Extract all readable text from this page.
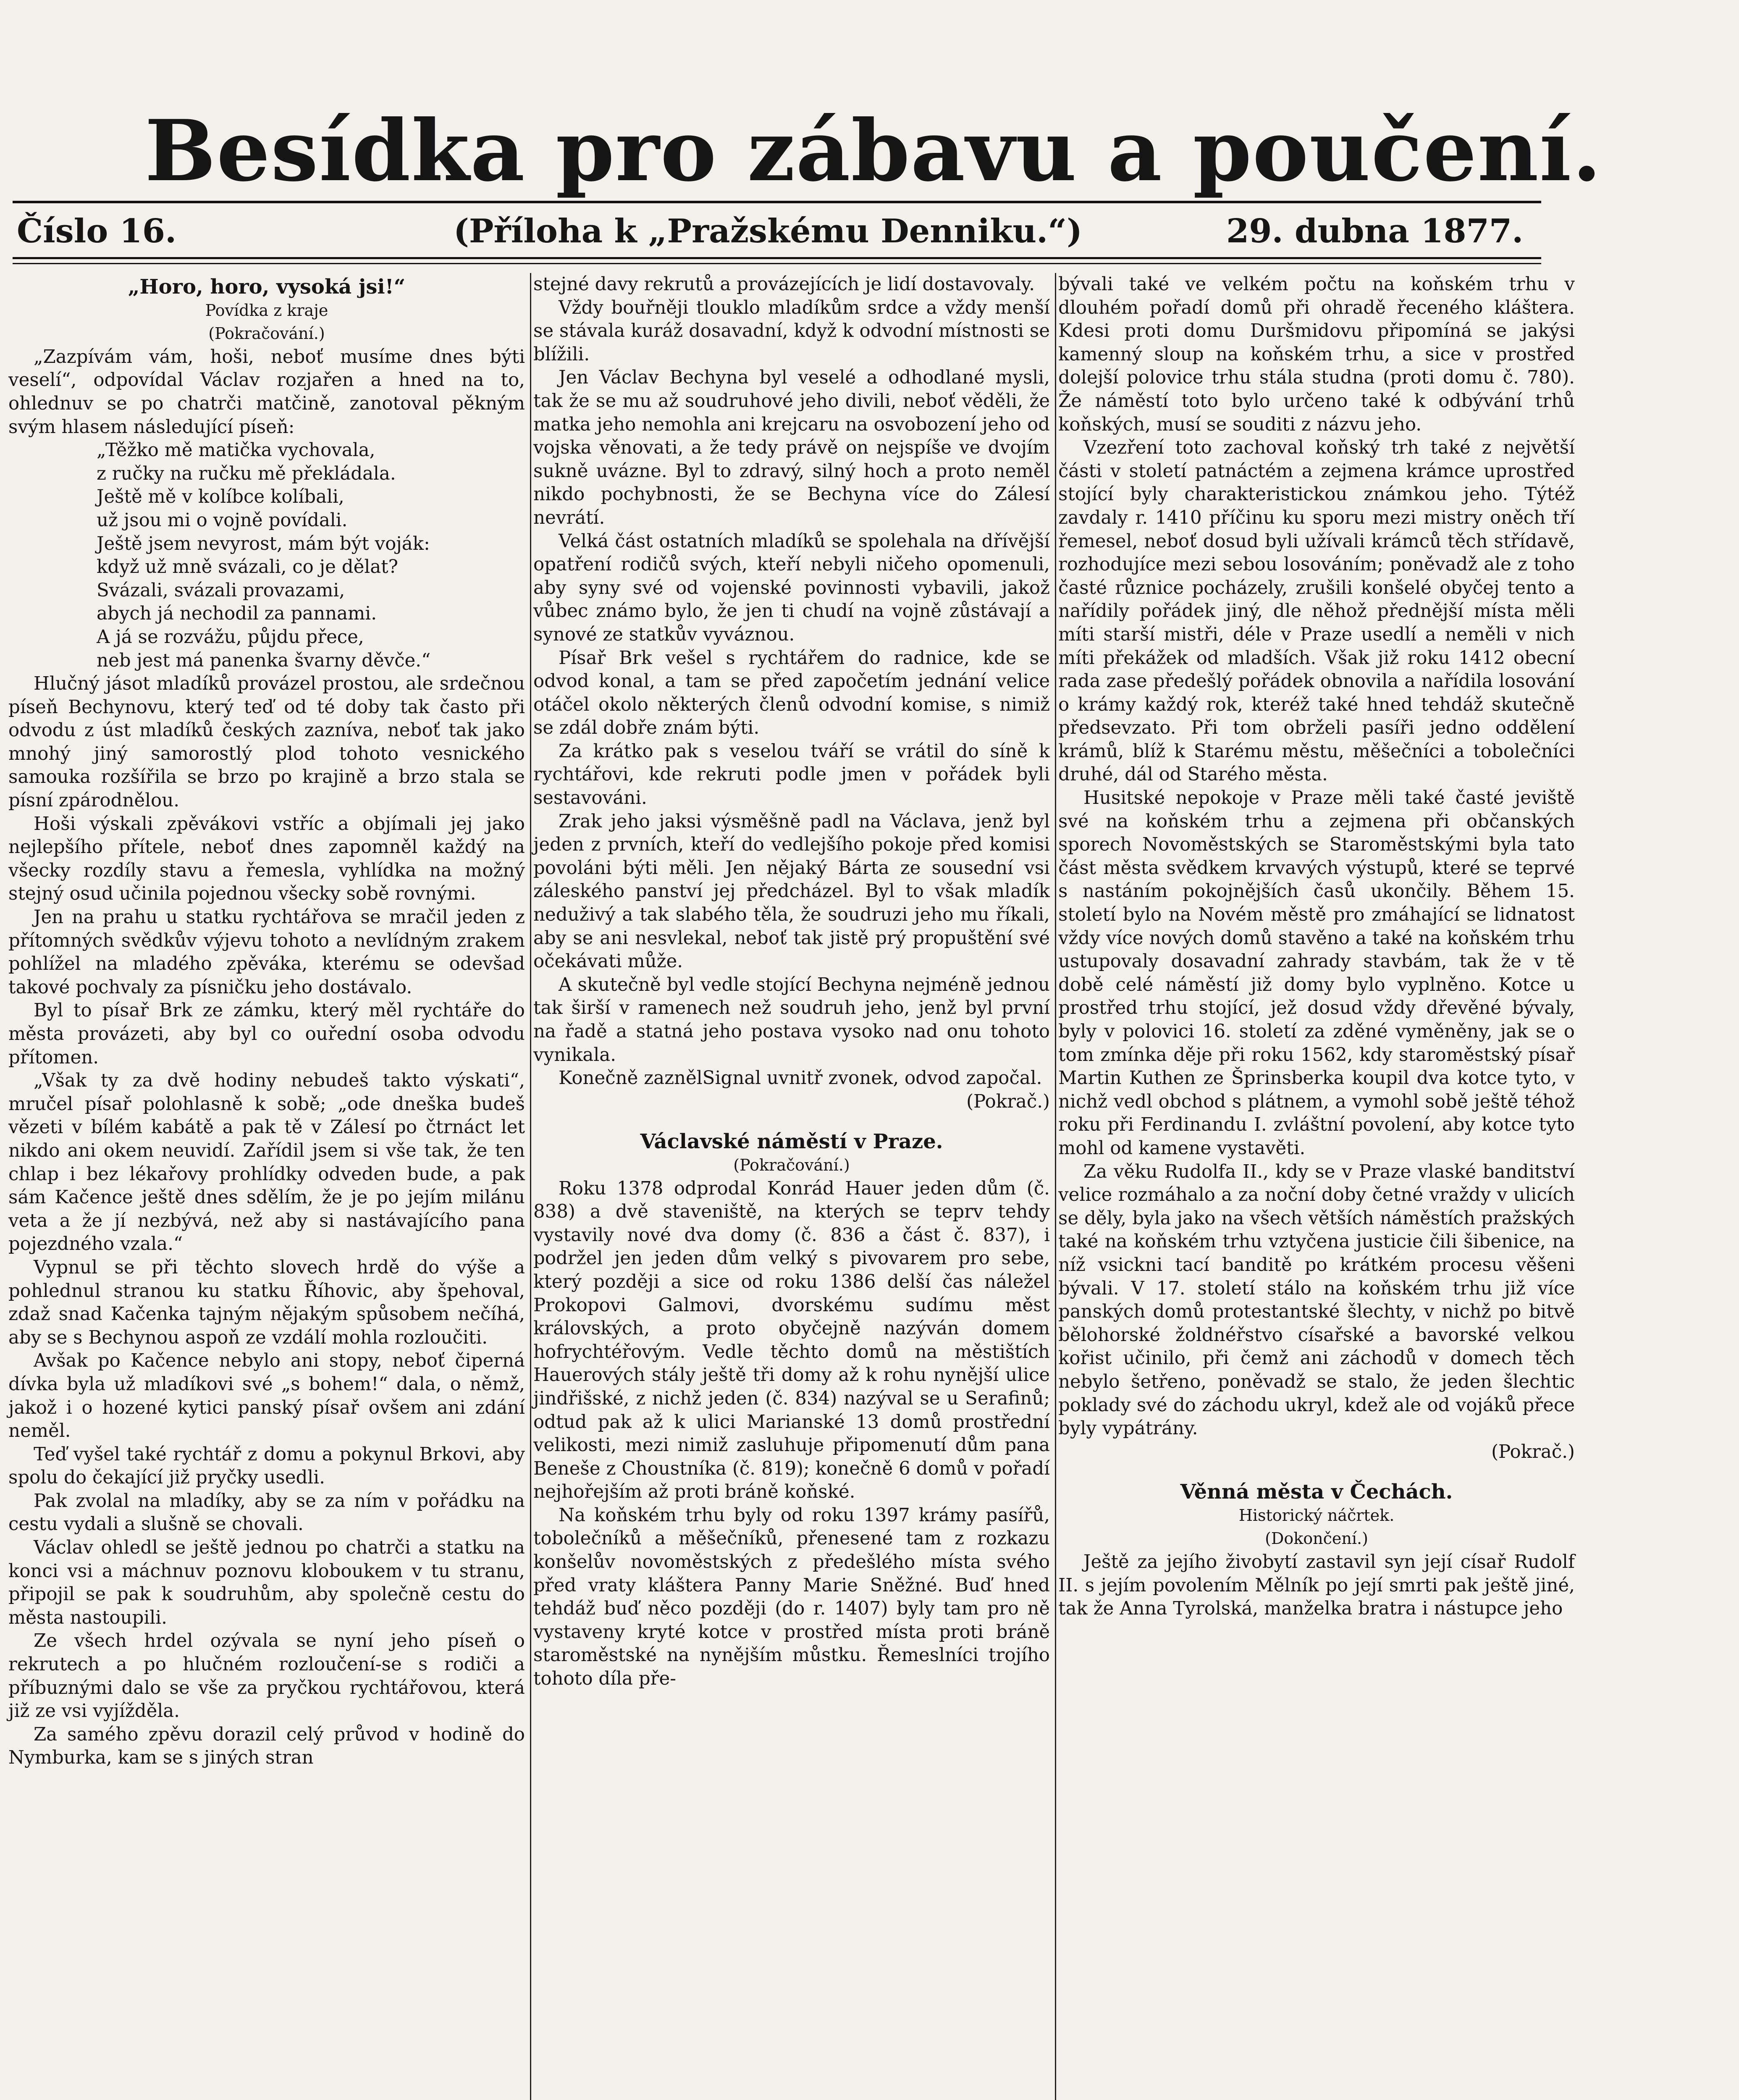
Besídka pro zábavu a poučení.
Číslo 16.	(Příloha k „Pražskému Denniku.“)	29. dubna 1877.

„Horo, horo, vysoká jsi!“

Povídka z kraje

(Pokračování.)

„Zazpívám vám, hoši, neboť musíme dnes býti veselí“, odpovídal Václav rozjařen a hned na to, ohlednuv se po chatrči matčině, zanotoval pěkným svým hlasem následující píseň:

„Těžko mě matička vychovala,

z ručky na ručku mě překládala.

Ještě mě v kolíbce kolíbali,

už jsou mi o vojně povídali.

Ještě jsem nevyrost, mám být voják:

když už mně svázali, co je dělat?

Svázali, svázali provazami,

abych já nechodil za pannami.

A já se rozvážu, půjdu přece,

neb jest má panenka švarny děvče.“

Hlučný jásot mladíků provázel prostou, ale srdečnou píseň Bechynovu, který teď od té doby tak často při odvodu z úst mladíků českých zazníva, neboť tak jako mnohý jiný samorostlý plod tohoto vesnického samouka rozšířila se brzo po krajině a brzo stala se písní zpárodnělou.

Hoši výskali zpěvákovi vstříc a objímali jej jako nejlepšího přítele, neboť dnes zapomněl každý na všecky rozdíly stavu a řemesla, vyhlídka na možný stejný osud učinila pojednou všecky sobě rovnými.

Jen na prahu u statku rychtářova se mračil jeden z přítomných svědkův výjevu tohoto a nevlídným zrakem pohlížel na mladého zpěváka, kterému se odevšad takové pochvaly za písničku jeho dostávalo.

Byl to písař Brk ze zámku, který měl rychtáře do města provázeti, aby byl co ouřední osoba odvodu přítomen.

„Však ty za dvě hodiny nebudeš takto výskati“, mručel písař polohlasně k sobě; „ode dneška budeš vězeti v bílém kabátě a pak tě v Zálesí po čtrnáct let nikdo ani okem neuvidí. Zařídil jsem si vše tak, že ten chlap i bez lékařovy prohlídky odveden bude, a pak sám Kačence ještě dnes sdělím, že je po jejím milánu veta a že jí nezbývá, než aby si nastávajícího pana pojezdného vzala.“

Vypnul se při těchto slovech hrdě do výše a pohlednul stranou ku statku Říhovic, aby špehoval, zdaž snad Kačenka tajným nějakým spůsobem nečíhá, aby se s Bechynou aspoň ze vzdálí mohla rozloučiti.

Avšak po Kačence nebylo ani stopy, neboť čiperná dívka byla už mladíkovi své „s bohem!“ dala, o němž, jakož i o hozené kytici panský písař ovšem ani zdání neměl.

Teď vyšel také rychtář z domu a pokynul Brkovi, aby spolu do čekající již pryčky usedli.

Pak zvolal na mladíky, aby se za ním v pořádku na cestu vydali a slušně se chovali.

Václav ohledl se ještě jednou po chatrči a statku na konci vsi a máchnuv poznovu kloboukem v tu stranu, připojil se pak k soudruhům, aby společně cestu do města nastoupili.

Ze všech hrdel ozývala se nyní jeho píseň o rekrutech a po hlučném rozloučení-se s rodiči a příbuznými dalo se vše za pryčkou rychtářovou, která již ze vsi vyjížděla.

Za samého zpěvu dorazil celý průvod v hodině do Nymburka, kam se s jiných stran

stejné davy rekrutů a provázejících je lidí dostavovaly.

Vždy bouřněji tlouklo mladíkům srdce a vždy menší se stávala kuráž dosavadní, když k odvodní místnosti se blížili.

Jen Václav Bechyna byl veselé a odhodlané mysli, tak že se mu až soudruhové jeho divili, neboť věděli, že matka jeho nemohla ani krejcaru na osvobození jeho od vojska věnovati, a že tedy právě on nejspíše ve dvojím sukně uvázne. Byl to zdravý, silný hoch a proto neměl nikdo pochybnosti, že se Bechyna více do Zálesí nevrátí.

Velká část ostatních mladíků se spolehala na dřívější opatření rodičů svých, kteří nebyli ničeho opomenuli, aby syny své od vojenské povinnosti vybavili, jakož vůbec známo bylo, že jen ti chudí na vojně zůstávají a synové ze statkův vyváznou.

Písař Brk vešel s rychtářem do radnice, kde se odvod konal, a tam se před započetím jednání velice otáčel okolo některých členů odvodní komise, s nimiž se zdál dobře znám býti.

Za krátko pak s veselou tváří se vrátil do síně k rychtářovi, kde rekruti podle jmen v pořádek byli sestavováni.

Zrak jeho jaksi výsměšně padl na Václava, jenž byl jeden z prvních, kteří do vedlejšího pokoje před komisi povoláni býti měli. Jen nějaký Bárta ze sousední vsi záleského panství jej předcházel. Byl to však mladík neduživý a tak slabého těla, že soudruzi jeho mu říkali, aby se ani nesvlekal, neboť tak jistě prý propuštění své očekávati může.

A skutečně byl vedle stojící Bechyna nejméně jednou tak širší v ramenech než soudruh jeho, jenž byl první na řadě a statná jeho postava vysoko nad onu tohoto vynikala.

Konečně zaznělSignal uvnitř zvonek, odvod započal.

(Pokrač.)

Václavské náměstí v Praze.

(Pokračování.)

Roku 1378 odprodal Konrád Hauer jeden dům (č. 838) a dvě staveniště, na kterých se teprv tehdy vystavily nové dva domy (č. 836 a část č. 837), i podržel jen jeden dům velký s pivovarem pro sebe, který později a sice od roku 1386 delší čas náležel Prokopovi Galmovi, dvorskému sudímu měst královských, a proto obyčejně nazýván domem hofrychtéřovým. Vedle těchto domů na městištích Hauerových stály ještě tři domy až k rohu nynější ulice jindřišské, z nichž jeden (č. 834) nazýval se u Serafinů; odtud pak až k ulici Marianské 13 domů prostřední velikosti, mezi nimiž zasluhuje připomenutí dům pana Beneše z Choustníka (č. 819); konečně 6 domů v pořadí nejhořejším až proti bráně koňské.

Na koňském trhu byly od roku 1397 krámy pasířů, tobolečníků a měšečníků, přenesené tam z rozkazu konšelův novoměstských z předešlého místa svého před vraty kláštera Panny Marie Sněžné. Buď hned tehdáž buď něco později (do r. 1407) byly tam pro ně vystaveny kryté kotce v prostřed místa proti bráně staroměstské na nynějším můstku. Řemeslníci trojího tohoto díla pře-

bývali také ve velkém počtu na koňském trhu v dlouhém pořadí domů při ohradě řeceného kláštera. Kdesi proti domu Duršmidovu připomíná se jakýsi kamenný sloup na koňském trhu, a sice v prostřed dolejší polovice trhu stála studna (proti domu č. 780). Že náměstí toto bylo určeno také k odbývání trhů koňských, musí se souditi z názvu jeho.

Vzezření toto zachoval koňský trh také z největší části v století patnáctém a zejmena krámce uprostřed stojící byly charakteristickou známkou jeho. Týtéž zavdaly r. 1410 příčinu ku sporu mezi mistry oněch tří řemesel, neboť dosud byli užívali krámců těch střídavě, rozhodujíce mezi sebou losováním; poněvadž ale z toho časté různice pocházely, zrušili konšelé obyčej tento a nařídily pořádek jiný, dle něhož přednější místa měli míti starší mistři, déle v Praze usedlí a neměli v nich míti překážek od mladších. Však již roku 1412 obecní rada zase předešlý pořádek obnovila a nařídila losování o krámy každý rok, kteréž také hned tehdáž skutečně předsevzato. Při tom obrželi pasíři jedno oddělení krámů, blíž k Starému městu, měšečníci a tobolečníci druhé, dál od Starého města.

Husitské nepokoje v Praze měli také časté jeviště své na koňském trhu a zejmena při občanských sporech Novoměstských se Staroměstskými byla tato část města svědkem krvavých výstupů, které se teprvé s nastáním pokojnějších časů ukončily. Během 15. století bylo na Novém městě pro zmáhající se lidnatost vždy více nových domů stavěno a také na koňském trhu ustupovaly dosavadní zahrady stavbám, tak že v tě době celé náměstí již domy bylo vyplněno. Kotce u prostřed trhu stojící, jež dosud vždy dřevěné bývaly, byly v polovici 16. století za zděné vyměněny, jak se o tom zmínka děje při roku 1562, kdy staroměstský písař Martin Kuthen ze Šprinsberka koupil dva kotce tyto, v nichž vedl obchod s plátnem, a vymohl sobě ještě téhož roku při Ferdinandu I. zvláštní povolení, aby kotce tyto mohl od kamene vystavěti.

Za věku Rudolfa II., kdy se v Praze vlaské banditství velice rozmáhalo a za noční doby četné vraždy v ulicích se děly, byla jako na všech větších náměstích pražských také na koňském trhu vztyčena justicie čili šibenice, na níž vsickni tací banditě po krátkém procesu věšeni bývali. V 17. století stálo na koňském trhu již více panských domů protestantské šlechty, v nichž po bitvě bělohorské žoldnéřstvo císařské a bavorské velkou kořist učinilo, při čemž ani záchodů v domech těch nebylo šetřeno, poněvadž se stalo, že jeden šlechtic poklady své do záchodu ukryl, kdež ale od vojáků přece byly vypátrány.

(Pokrač.)

Věnná města v Čechách.

Historický náčrtek.

(Dokončení.)

Ještě za jejího živobytí zastavil syn její císař Rudolf II. s jejím povolením Mělník po její smrti pak ještě jiné, tak že Anna Tyrolská, manželka bratra i nástupce jeho
